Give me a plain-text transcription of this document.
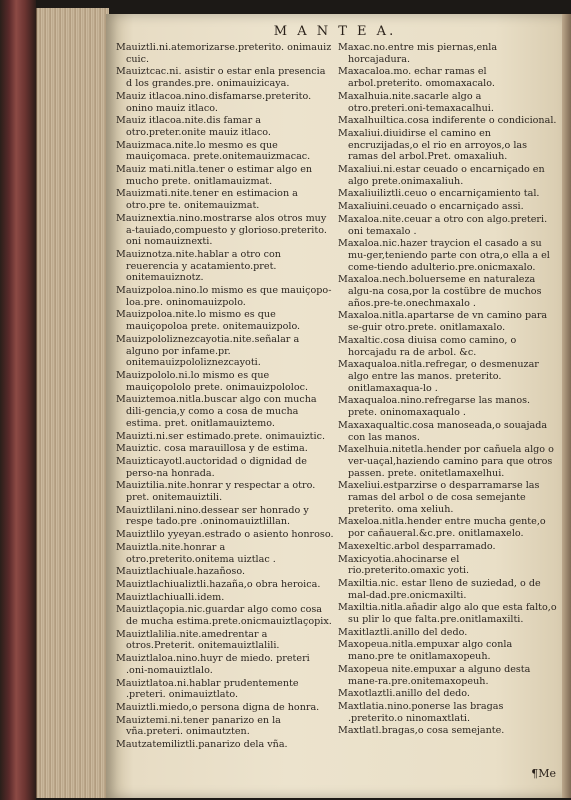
M A N T E A.
Mauiztli.ni.atemorizarse.preterito. onimauiz cuic.
Mauiztcac.ni. asistir o estar enla presencia d los grandes.pre. onimauizicaya.
Mauiz itlacoa.nino.disfamarse.preterito. onino mauiz itlaco.
Mauiz itlacoa.nite.dis famar a otro.preter.onite mauiz itlaco.
Mauizmaca.nite.lo mesmo es que mauiçomaca. prete.onitemauizmacac.
Mauiz mati.nitla.tener o estimar algo en mucho prete. onitlamauizmat.
Mauizmati.nite.tener en estimacion a otro.pre te. onitemauizmat.
Mauiznextia.nino.mostrarse alos otros muy a-tauiado,compuesto y glorioso.preterito. oni nomauiznexti.
Mauiznotza.nite.hablar a otro con reuerencia y acatamiento.pret. onitemauiznotz.
Mauizpoloa.nino.lo mismo es que mauiçopo-loa.pre. oninomauizpolo.
Mauizpoloa.nite.lo mismo es que mauiçopoloa prete. onitemauizpolo.
Mauizpololiznezcayotia.nite.señalar a alguno por infame.pr. onitemauizpololiznezcayoti.
Mauizpololo.ni.lo mismo es que mauiçopololo prete. onimauizpololoc.
Mauiztemoa.nitla.buscar algo con mucha dili-gencia,y como a cosa de mucha estima. pret. onitlamauiztemo.
Mauizti.ni.ser estimado.prete. onimauiztic.
Mauiztic. cosa marauillosa y de estima.
Mauizticayotl.auctoridad o dignidad de perso-na honrada.
Mauiztilia.nite.honrar y respectar a otro. pret. onitemauiztili.
Mauiztlilani.nino.dessear ser honrado y respe tado.pre .oninomauiztlillan.
Mauiztlilo yyeyan.estrado o asiento honroso.
Mauiztla.nite.honrar a otro.preterito.onitema uiztlac .
Mauiztlachiuale.hazañoso.
Mauiztlachiualiztli.hazaña,o obra heroica.
Mauiztlachiualli.idem.
Mauiztlaçopia.nic.guardar algo como cosa de mucha estima.prete.onicmauiztlaçopix.
Mauiztlalilia.nite.amedrentar a otros.Preterit. onitemauiztlalili.
Mauiztlaloa.nino.huyr de miedo. preteri .oni-nomauiztlalo.
Mauiztlatoa.ni.hablar prudentemente .preteri. onimauiztlato.
Mauiztli.miedo,o persona digna de honra.
Mauiztemi.ni.tener panarizo en la vña.preteri. onimautzten.
Mautzatemiliztli.panarizo dela vña.
Maxac.no.entre mis piernas,enla horcajadura.
Maxacaloa.mo. echar ramas el arbol.preterito. omomaxacalo.
Maxalhuia.nite.sacarle algo a otro.preteri.oni-temaxacalhui.
Maxalhuiltica.cosa indiferente o condicional.
Maxaliui.diuidirse el camino en encruzijadas,o el rio en arroyos,o las ramas del arbol.Pret. omaxaliuh.
Maxaliui.ni.estar ceuado o encarniçado en algo prete.onimaxaliuh.
Maxaliuiliztli.ceuo o encarniçamiento tal.
Maxaliuini.ceuado o encarniçado assi.
Maxaloa.nite.ceuar a otro con algo.preteri. oni temaxalo .
Maxaloa.nic.hazer traycion el casado a su mu-ger,teniendo parte con otra,o ella a el come-tiendo adulterio.pre.onicmaxalo.
Maxaloa.nech.boluerseme en naturaleza algu-na cosa,por la costübre de muchos años.pre-te.onechmaxalo .
Maxaloa.nitla.apartarse de vn camino para se-guir otro.prete. onitlamaxalo.
Maxaltic.cosa diuisa como camino, o horcajadu ra de arbol. &c.
Maxaqualoa.nitla.refregar, o desmenuzar algo entre las manos. preterito. onitlamaxaqua-lo .
Maxaqualoa.nino.refregarse las manos. prete. oninomaxaqualo .
Maxaxaqualtic.cosa manoseada,o souajada con las manos.
Maxelhuia.nitetla.hender por cañuela algo o ver-uaçal,haziendo camino para que otros passen. prete. onitetlamaxelhui.
Maxeliui.estparzirse o desparramarse las ramas del arbol o de cosa semejante preterito. oma xeliuh.
Maxeloa.nitla.hender entre mucha gente,o por cañaueral.&c.pre. onitlamaxelo.
Maxexeltic.arbol desparramado.
Maxicyotia.ahocinarse el rio.preterito.omaxic yoti.
Maxiltia.nic. estar lleno de suziedad, o de mal-dad.pre.onicmaxilti.
Maxiltia.nitla.añadir algo alo que esta falto,o su plir lo que falta.pre.onitlamaxilti.
Maxitlaztli.anillo del dedo.
Maxopeua.nitla.empuxar algo conla mano.pre te onitlamaxopeuh.
Maxopeua nite.empuxar a alguno desta mane-ra.pre.onitemaxopeuh.
Maxotlaztli.anillo del dedo.
Maxtlatia.nino.ponerse las bragas .preterito.o ninomaxtlati.
Maxtlatl.bragas,o cosa semejante.
¶Me
